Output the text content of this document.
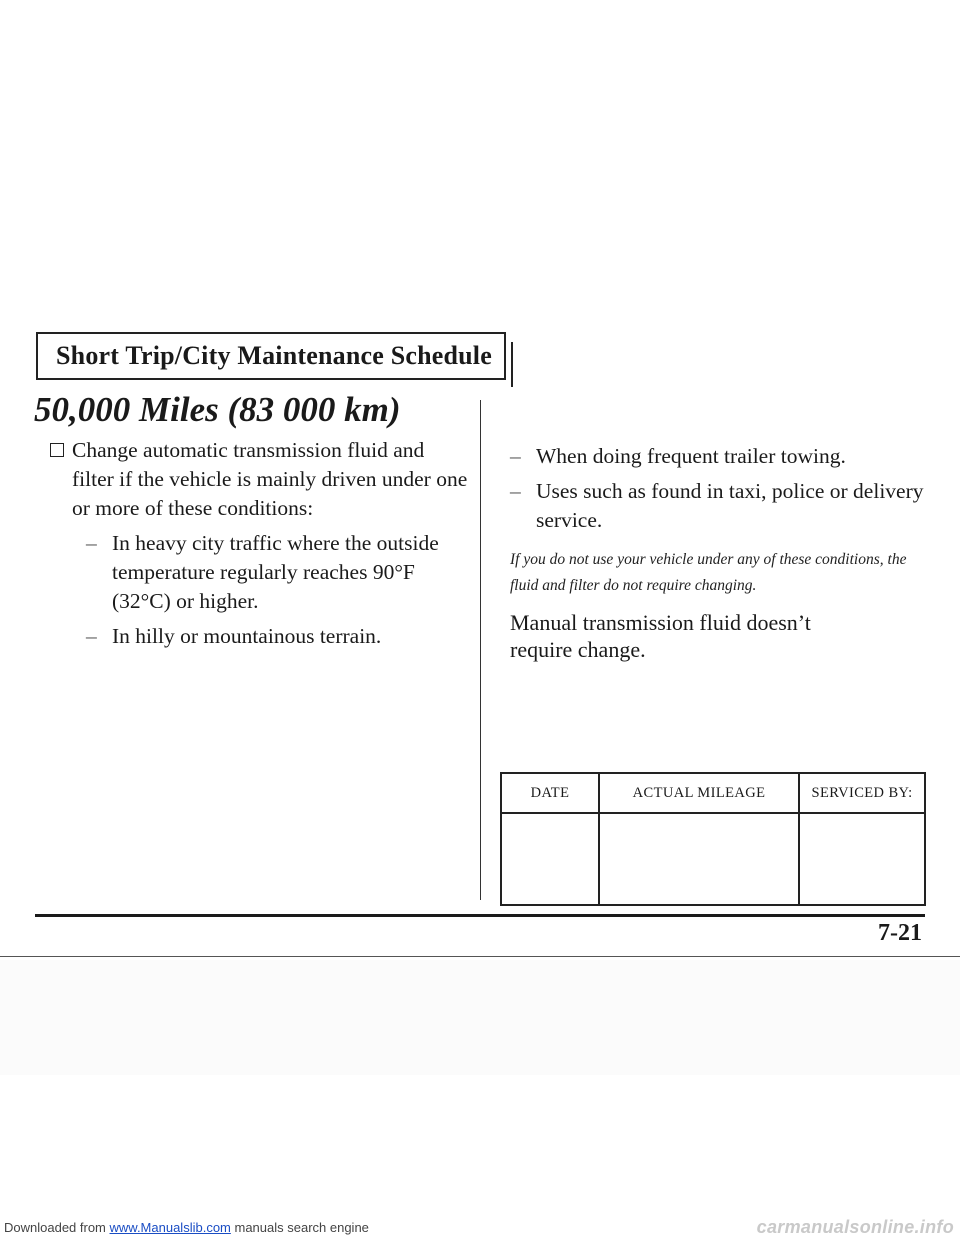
Short Trip/City Maintenance Schedule
50,000 Miles (83 000 km)
Change automatic transmission fluid and filter if the vehicle is mainly driven under one or more of these conditions:
– In heavy city traffic where the outside temperature regularly reaches 90°F (32°C) or higher.
– In hilly or mountainous terrain.
– When doing frequent trailer towing.
– Uses such as found in taxi, police or delivery service.
If you do not use your vehicle under any of these conditions, the fluid and filter do not require changing.
Manual transmission fluid doesn’t require change.
DATE	ACTUAL MILEAGE	SERVICED BY:

7-21
Downloaded from www.Manualslib.com manuals search engine	carmanualsonline.info
